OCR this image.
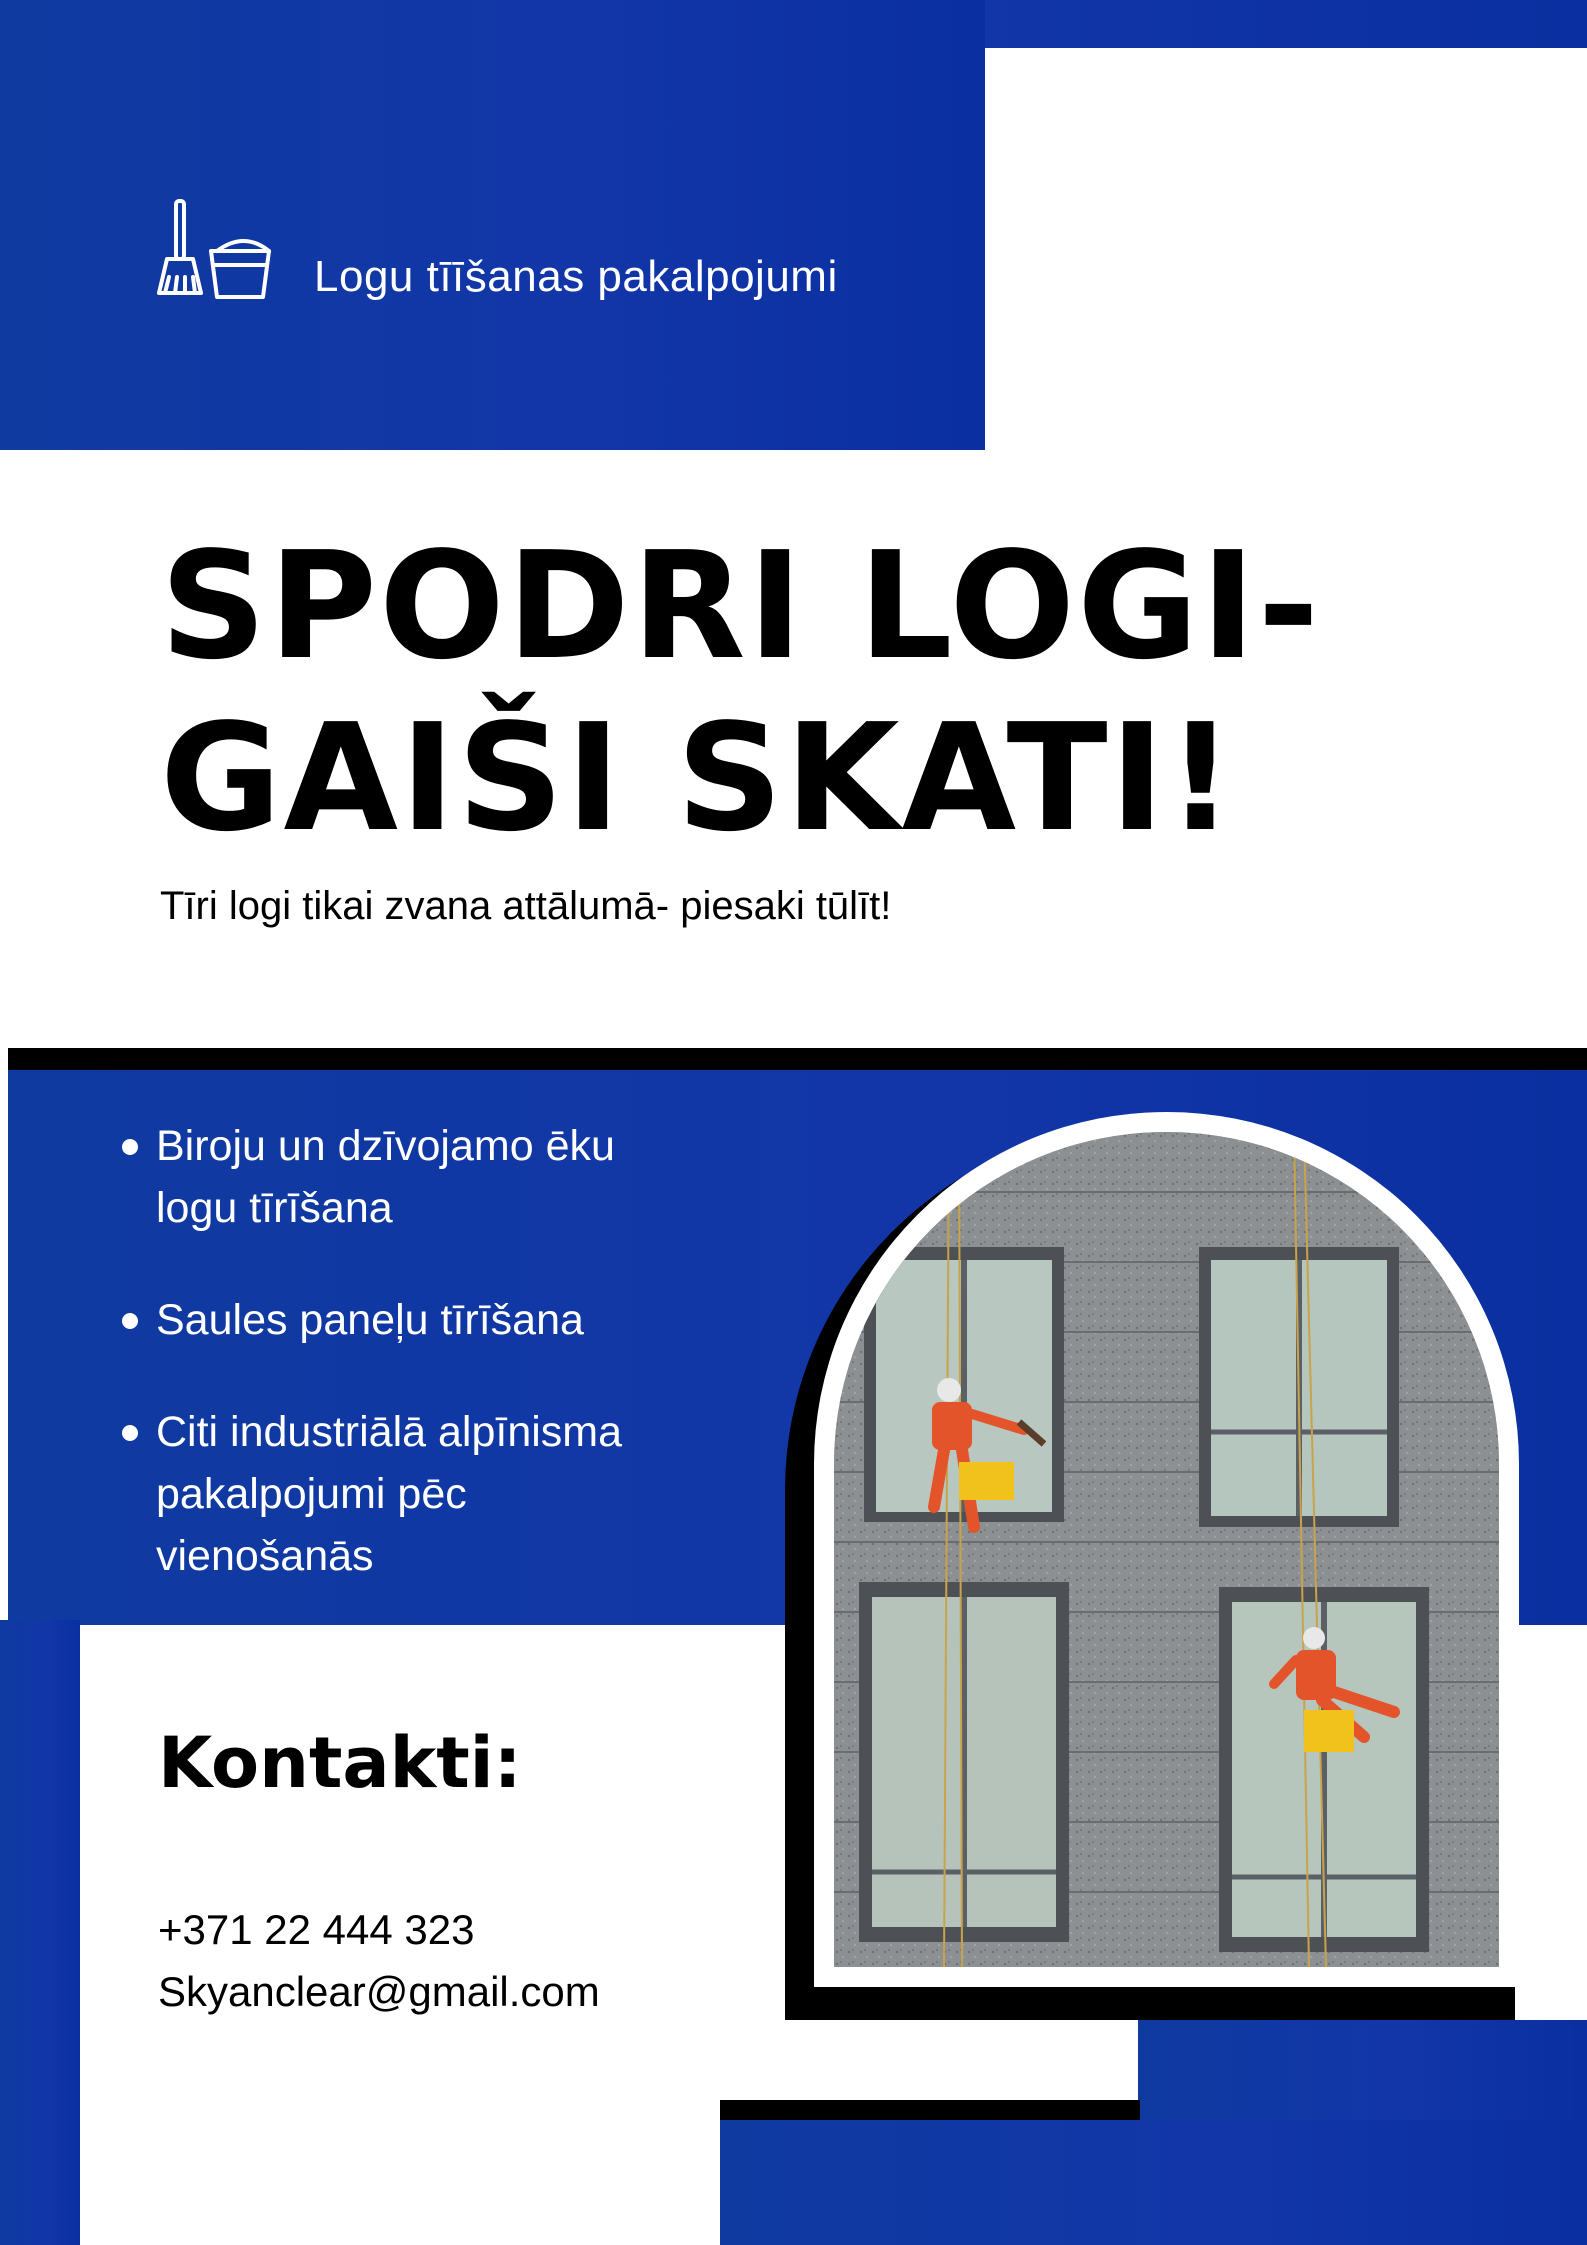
Logu tīīšanas pakalpojumi
SPODRI LOGI-
GAIŠI SKATI!
Tīri logi tikai zvana attālumā- piesaki tūlīt!
Biroju un dzīvojamo ēku
logu tīrīšana
Saules paneļu tīrīšana
Citi industriālā alpīnisma
pakalpojumi pēc
vienošanās
Kontakti:
+371 22 444 323
Skyanclear@gmail.com
